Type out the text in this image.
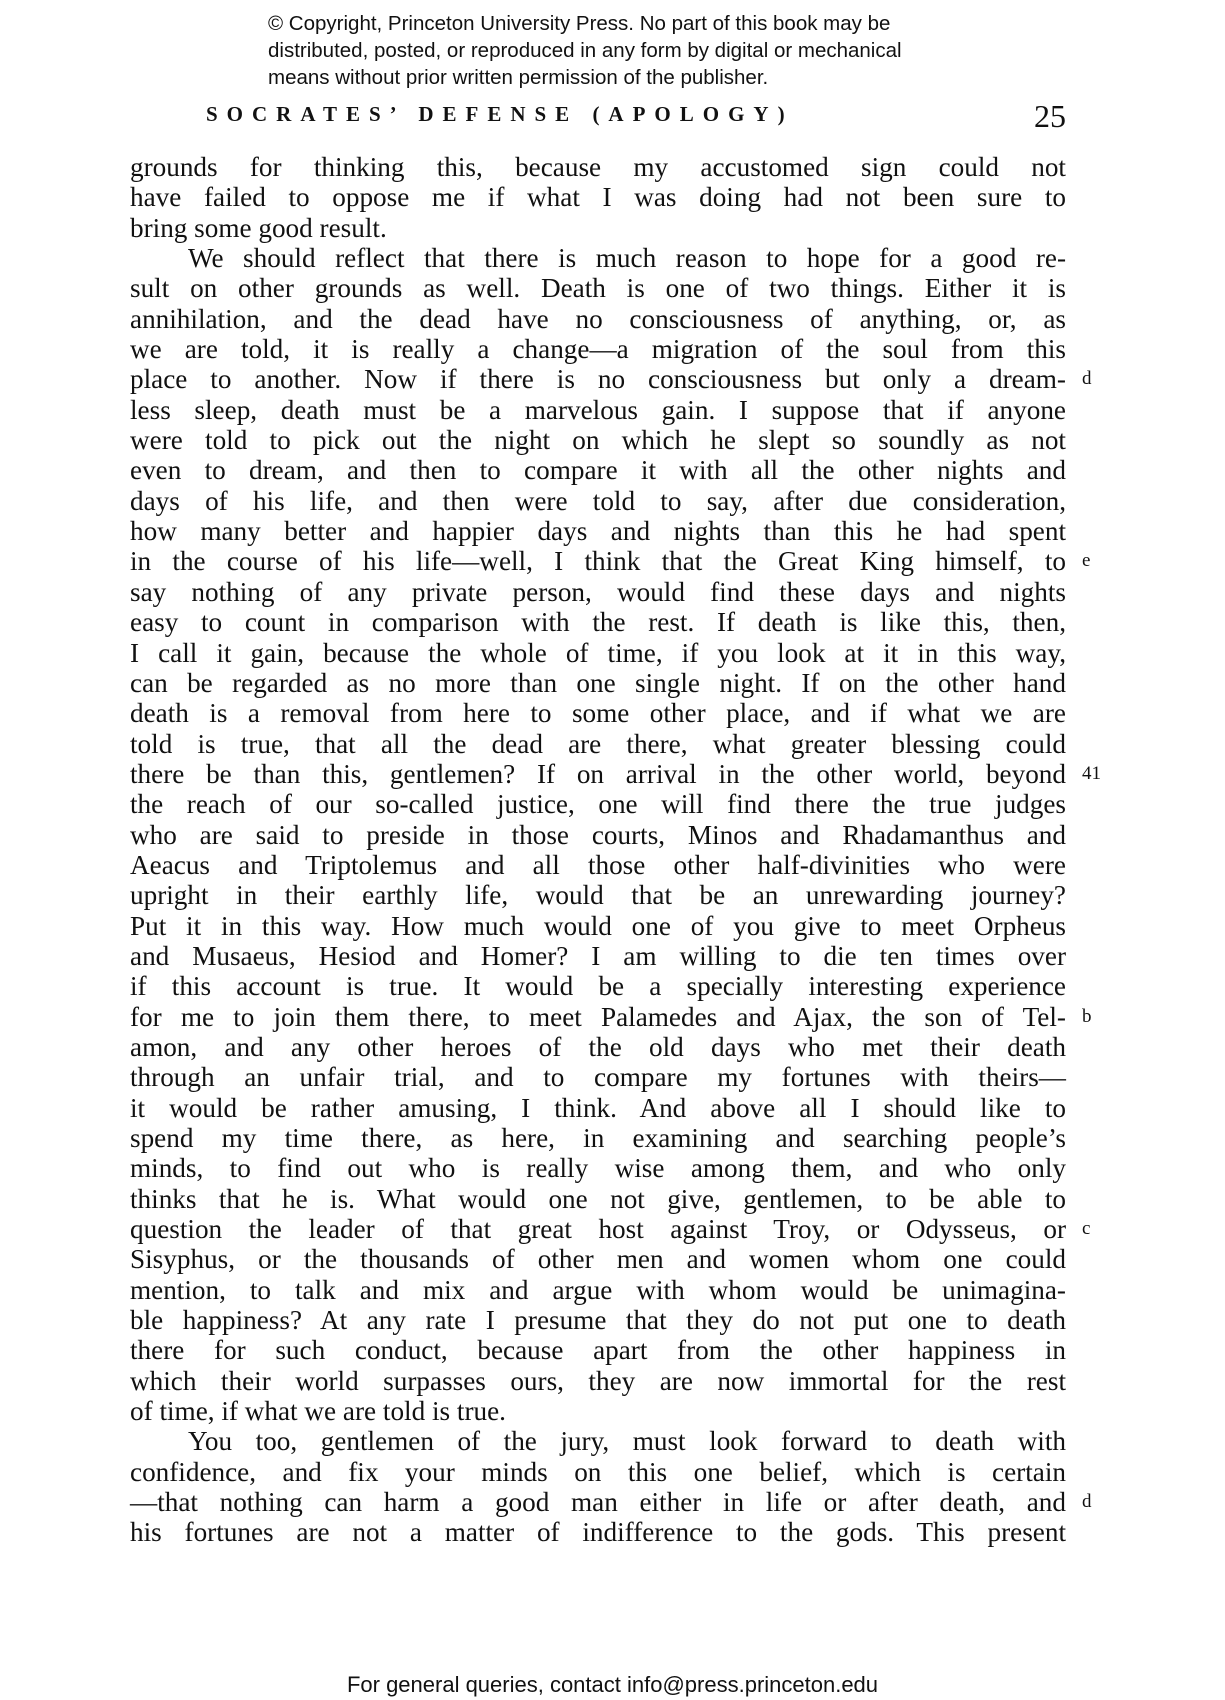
© Copyright, Princeton University Press. No part of this book may be
distributed, posted, or reproduced in any form by digital or mechanical
means without prior written permission of the publisher.
SOCRATES’ DEFENSE (APOLOGY)	25
grounds for thinking this, because my accustomed sign could not
have failed to oppose me if what I was doing had not been sure to
bring some good result.
We should reflect that there is much reason to hope for a good re-
sult on other grounds as well. Death is one of two things. Either it is
annihilation, and the dead have no consciousness of anything, or, as
we are told, it is really a change—a migration of the soul from this
place to another. Now if there is no consciousness but only a dream- d
less sleep, death must be a marvelous gain. I suppose that if anyone
were told to pick out the night on which he slept so soundly as not
even to dream, and then to compare it with all the other nights and
days of his life, and then were told to say, after due consideration,
how many better and happier days and nights than this he had spent
in the course of his life—well, I think that the Great King himself, to e
say nothing of any private person, would find these days and nights
easy to count in comparison with the rest. If death is like this, then,
I call it gain, because the whole of time, if you look at it in this way,
can be regarded as no more than one single night. If on the other hand
death is a removal from here to some other place, and if what we are
told is true, that all the dead are there, what greater blessing could
there be than this, gentlemen? If on arrival in the other world, beyond 41
the reach of our so-called justice, one will find there the true judges
who are said to preside in those courts, Minos and Rhadamanthus and
Aeacus and Triptolemus and all those other half-divinities who were
upright in their earthly life, would that be an unrewarding journey?
Put it in this way. How much would one of you give to meet Orpheus
and Musaeus, Hesiod and Homer? I am willing to die ten times over
if this account is true. It would be a specially interesting experience
for me to join them there, to meet Palamedes and Ajax, the son of Tel- b
amon, and any other heroes of the old days who met their death
through an unfair trial, and to compare my fortunes with theirs—
it would be rather amusing, I think. And above all I should like to
spend my time there, as here, in examining and searching people’s
minds, to find out who is really wise among them, and who only
thinks that he is. What would one not give, gentlemen, to be able to
question the leader of that great host against Troy, or Odysseus, or c
Sisyphus, or the thousands of other men and women whom one could
mention, to talk and mix and argue with whom would be unimagina-
ble happiness? At any rate I presume that they do not put one to death
there for such conduct, because apart from the other happiness in
which their world surpasses ours, they are now immortal for the rest
of time, if what we are told is true.
You too, gentlemen of the jury, must look forward to death with
confidence, and fix your minds on this one belief, which is certain
—that nothing can harm a good man either in life or after death, and d
his fortunes are not a matter of indifference to the gods. This present
For general queries, contact info@press.princeton.edu
